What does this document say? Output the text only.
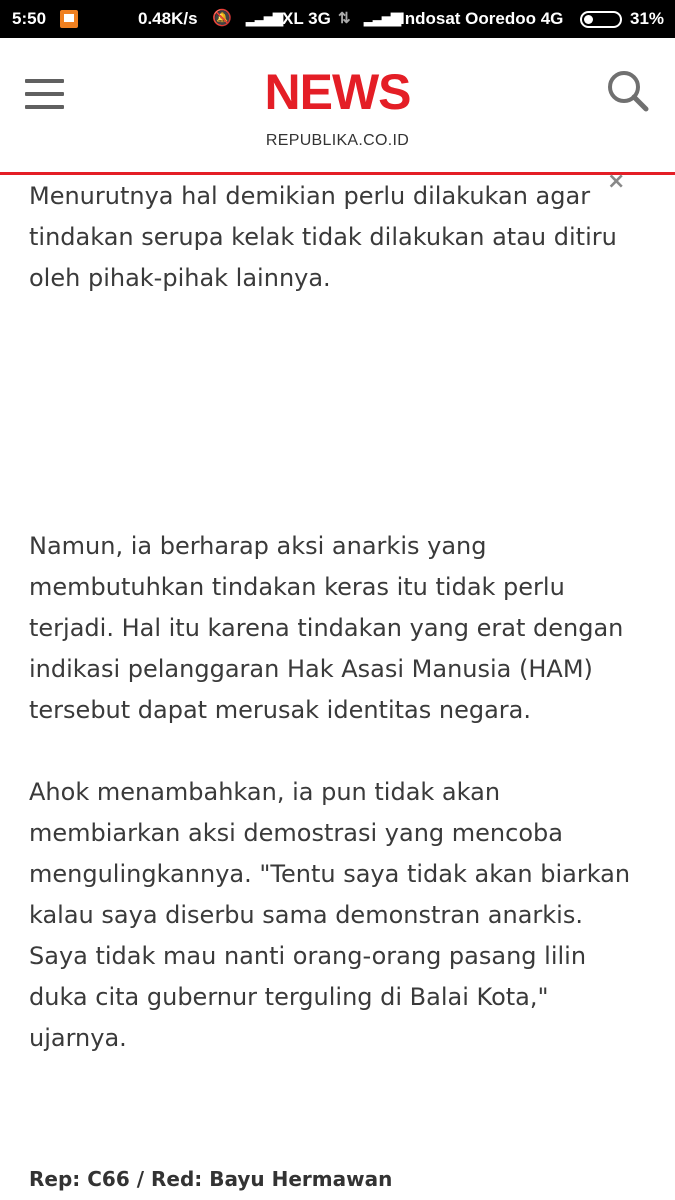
5:50	0.48K/s 🔕 ▂▃▅▇ XL 3G ⇅ ▂▃▅▇ Indosat Ooredoo 4G	31%
NEWS
REPUBLIKA.CO.ID

Menurutnya hal demikian perlu dilakukan agar tindakan serupa kelak tidak dilakukan atau ditiru oleh pihak-pihak lainnya.

×

Namun, ia berharap aksi anarkis yang membutuhkan tindakan keras itu tidak perlu terjadi. Hal itu karena tindakan yang erat dengan indikasi pelanggaran Hak Asasi Manusia (HAM) tersebut dapat merusak identitas negara.

Ahok menambahkan, ia pun tidak akan membiarkan aksi demostrasi yang mencoba mengulingkannya. "Tentu saya tidak akan biarkan kalau saya diserbu sama demonstran anarkis. Saya tidak mau nanti orang-orang pasang lilin duka cita gubernur terguling di Balai Kota," ujarnya.

Rep: C66 / Red: Bayu Hermawan
